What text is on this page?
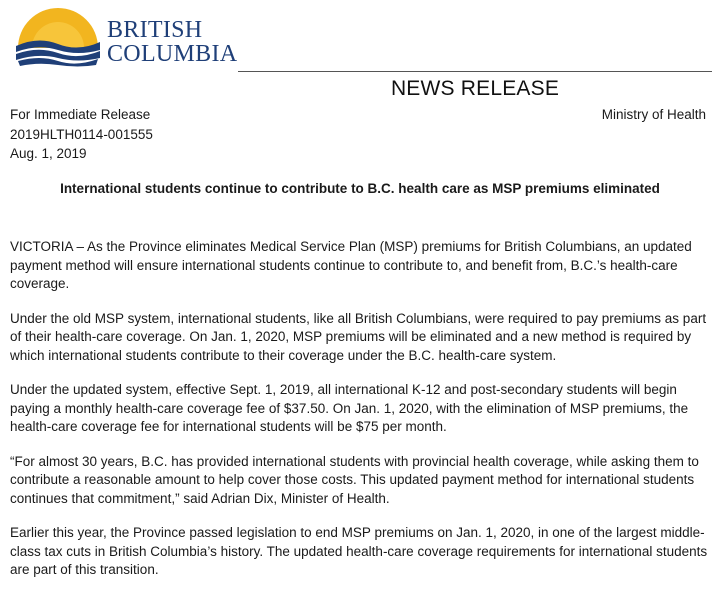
BRITISH
COLUMBIA
NEWS RELEASE
For Immediate Release
2019HLTH0114-001555
Aug. 1, 2019
Ministry of Health
International students continue to contribute to B.C. health care as MSP premiums eliminated

VICTORIA – As the Province eliminates Medical Service Plan (MSP) premiums for British Columbians, an updated payment method will ensure international students continue to contribute to, and benefit from, B.C.’s health-care coverage.

Under the old MSP system, international students, like all British Columbians, were required to pay premiums as part of their health-care coverage. On Jan. 1, 2020, MSP premiums will be eliminated and a new method is required by which international students contribute to their coverage under the B.C. health-care system.

Under the updated system, effective Sept. 1, 2019, all international K-12 and post-secondary students will begin paying a monthly health-care coverage fee of $37.50. On Jan. 1, 2020, with the elimination of MSP premiums, the health-care coverage fee for international students will be $75 per month.

“For almost 30 years, B.C. has provided international students with provincial health coverage, while asking them to contribute a reasonable amount to help cover those costs. This updated payment method for international students continues that commitment,” said Adrian Dix, Minister of Health.

Earlier this year, the Province passed legislation to end MSP premiums on Jan. 1, 2020, in one of the largest middle-class tax cuts in British Columbia’s history. The updated health-care coverage requirements for international students are part of this transition.
